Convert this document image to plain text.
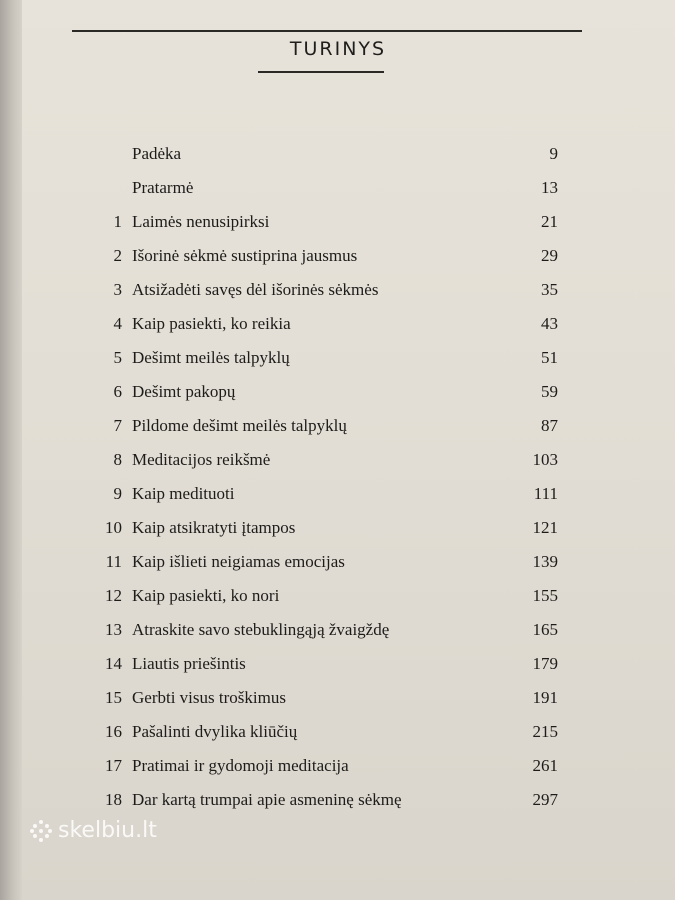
TURINYS
Padėka	9
Pratarmė	13
1 Laimės nenusipirksi	21
2 Išorinė sėkmė sustiprina jausmus	29
3 Atsižadėti savęs dėl išorinės sėkmės	35
4 Kaip pasiekti, ko reikia	43
5 Dešimt meilės talpyklų	51
6 Dešimt pakopų	59
7 Pildome dešimt meilės talpyklų	87
8 Meditacijos reikšmė	103
9 Kaip medituoti	111
10 Kaip atsikratyti įtampos	121
11 Kaip išlieti neigiamas emocijas	139
12 Kaip pasiekti, ko nori	155
13 Atraskite savo stebuklingąją žvaigždę	165
14 Liautis priešintis	179
15 Gerbti visus troškimus	191
16 Pašalinti dvylika kliūčių	215
17 Pratimai ir gydomoji meditacija	261
18 Dar kartą trumpai apie asmeninę sėkmę	297
skelbiu.lt
